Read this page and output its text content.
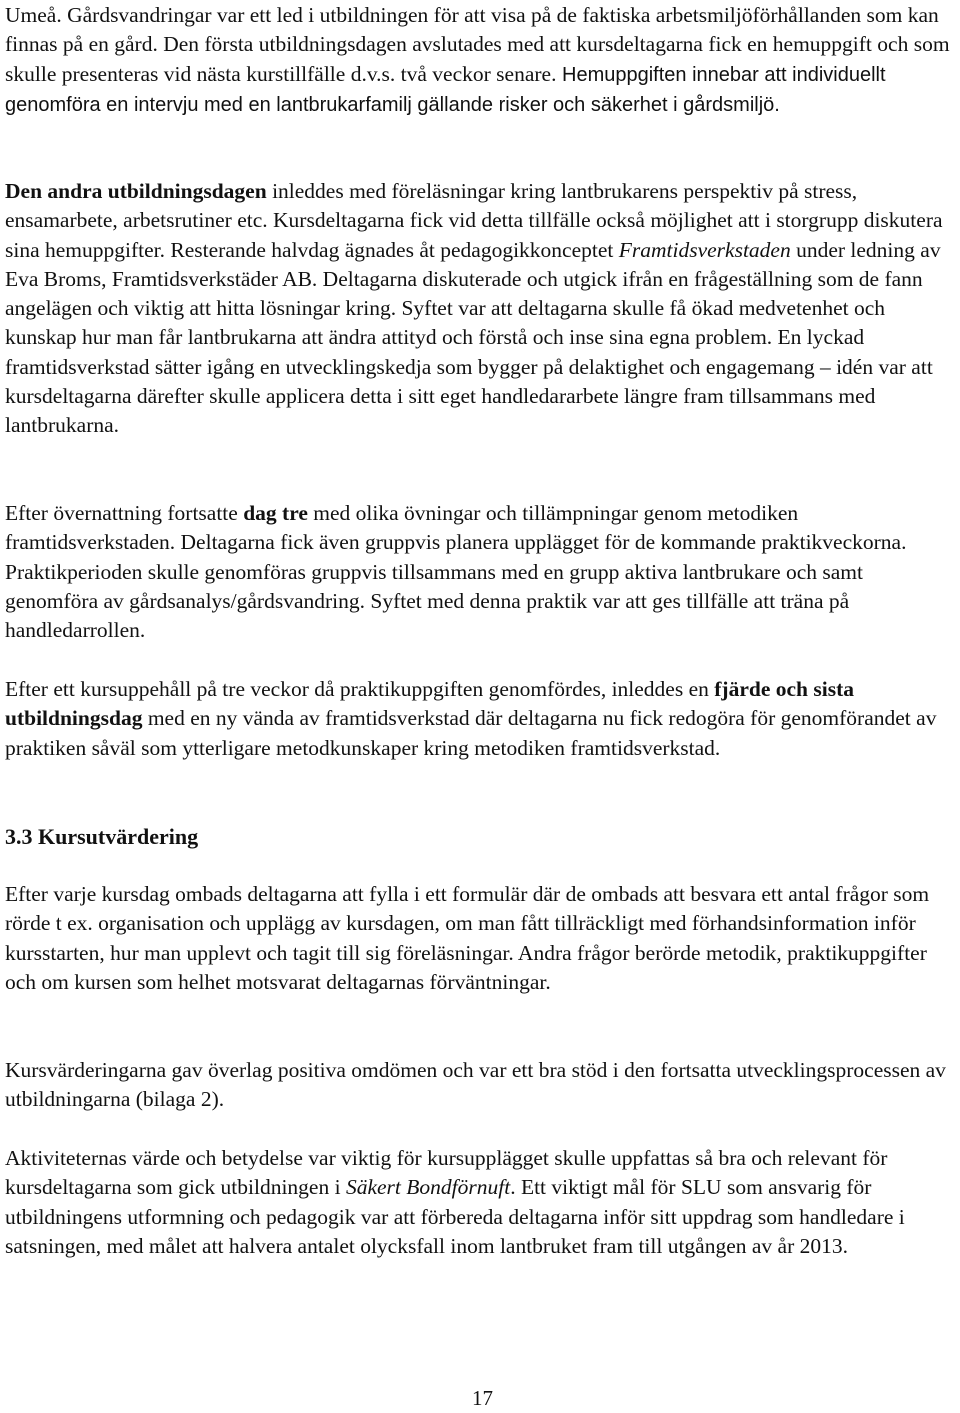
Umeå. Gårdsvandringar var ett led i utbildningen för att visa på de faktiska arbetsmiljöförhållanden som kan finnas på en gård. Den första utbildningsdagen avslutades med att kursdeltagarna fick en hemuppgift och som skulle presenteras vid nästa kurstillfälle d.v.s. två veckor senare. Hemuppgiften innebar att individuellt genomföra en intervju med en lantbrukarfamilj gällande risker och säkerhet i gårdsmiljö.

Den andra utbildningsdagen inleddes med föreläsningar kring lantbrukarens perspektiv på stress, ensamarbete, arbetsrutiner etc. Kursdeltagarna fick vid detta tillfälle också möjlighet att i storgrupp diskutera sina hemuppgifter. Resterande halvdag ägnades åt pedagogikkonceptet Framtidsverkstaden under ledning av Eva Broms, Framtidsverkstäder AB. Deltagarna diskuterade och utgick ifrån en frågeställning som de fann angelägen och viktig att hitta lösningar kring. Syftet var att deltagarna skulle få ökad medvetenhet och kunskap hur man får lantbrukarna att ändra attityd och förstå och inse sina egna problem. En lyckad framtidsverkstad sätter igång en utvecklingskedja som bygger på delaktighet och engagemang – idén var att kursdeltagarna därefter skulle applicera detta i sitt eget handledararbete längre fram tillsammans med lantbrukarna.

Efter övernattning fortsatte dag tre med olika övningar och tillämpningar genom metodiken framtidsverkstaden. Deltagarna fick även gruppvis planera upplägget för de kommande praktikveckorna. Praktikperioden skulle genomföras gruppvis tillsammans med en grupp aktiva lantbrukare och samt genomföra av gårdsanalys/gårdsvandring. Syftet med denna praktik var att ges tillfälle att träna på handledarrollen.

Efter ett kursuppehåll på tre veckor då praktikuppgiften genomfördes, inleddes en fjärde och sista utbildningsdag med en ny vända av framtidsverkstad där deltagarna nu fick redogöra för genomförandet av praktiken såväl som ytterligare metodkunskaper kring metodiken framtidsverkstad.

3.3 Kursutvärdering

Efter varje kursdag ombads deltagarna att fylla i ett formulär där de ombads att besvara ett antal frågor som rörde t ex. organisation och upplägg av kursdagen, om man fått tillräckligt med förhandsinformation inför kursstarten, hur man upplevt och tagit till sig föreläsningar. Andra frågor berörde metodik, praktikuppgifter och om kursen som helhet motsvarat deltagarnas förväntningar.

Kursvärderingarna gav överlag positiva omdömen och var ett bra stöd i den fortsatta utvecklingsprocessen av utbildningarna (bilaga 2).

Aktiviteternas värde och betydelse var viktig för kursupplägget skulle uppfattas så bra och relevant för kursdeltagarna som gick utbildningen i Säkert Bondförnuft. Ett viktigt mål för SLU som ansvarig för utbildningens utformning och pedagogik var att förbereda deltagarna inför sitt uppdrag som handledare i satsningen, med målet att halvera antalet olycksfall inom lantbruket fram till utgången av år 2013.

17
